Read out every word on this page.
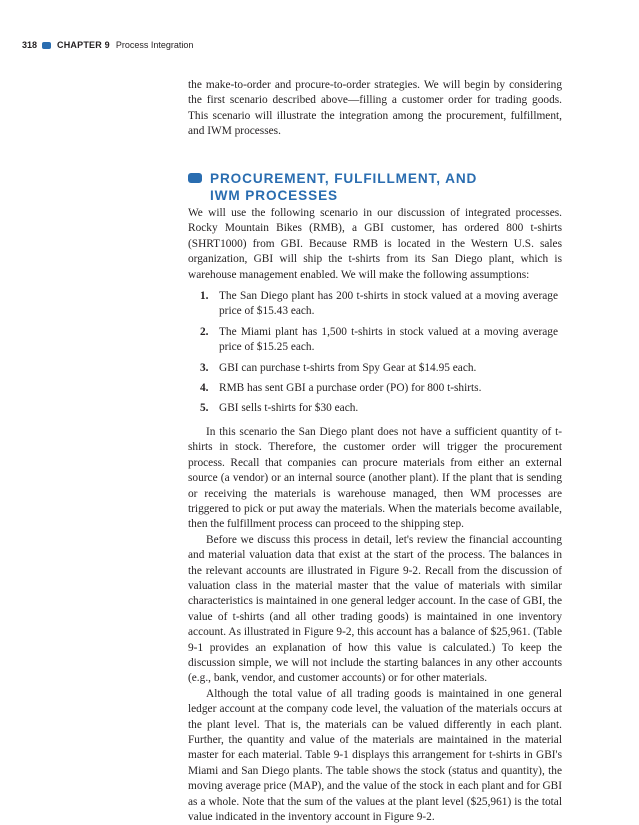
318 CHAPTER 9 Process Integration

the make-to-order and procure-to-order strategies. We will begin by considering the first scenario described above—filling a customer order for trading goods. This scenario will illustrate the integration among the procurement, fulfillment, and IWM processes.

PROCUREMENT, FULFILLMENT, AND
IWM PROCESSES

We will use the following scenario in our discussion of integrated processes. Rocky Mountain Bikes (RMB), a GBI customer, has ordered 800 t-shirts (SHRT1000) from GBI. Because RMB is located in the Western U.S. sales organization, GBI will ship the t-shirts from its San Diego plant, which is warehouse management enabled. We will make the following assumptions:

1. The San Diego plant has 200 t-shirts in stock valued at a moving average price of $15.43 each.
2. The Miami plant has 1,500 t-shirts in stock valued at a moving average price of $15.25 each.
3. GBI can purchase t-shirts from Spy Gear at $14.95 each.
4. RMB has sent GBI a purchase order (PO) for 800 t-shirts.
5. GBI sells t-shirts for $30 each.

In this scenario the San Diego plant does not have a sufficient quantity of t-shirts in stock. Therefore, the customer order will trigger the procurement process. Recall that companies can procure materials from either an external source (a vendor) or an internal source (another plant). If the plant that is sending or receiving the materials is warehouse managed, then WM processes are triggered to pick or put away the materials. When the materials become available, then the fulfillment process can proceed to the shipping step.

Before we discuss this process in detail, let's review the financial accounting and material valuation data that exist at the start of the process. The balances in the relevant accounts are illustrated in Figure 9-2. Recall from the discussion of valuation class in the material master that the value of materials with similar characteristics is maintained in one general ledger account. In the case of GBI, the value of t-shirts (and all other trading goods) is maintained in one inventory account. As illustrated in Figure 9-2, this account has a balance of $25,961. (Table 9-1 provides an explanation of how this value is calculated.) To keep the discussion simple, we will not include the starting balances in any other accounts (e.g., bank, vendor, and customer accounts) or for other materials.

Although the total value of all trading goods is maintained in one general ledger account at the company code level, the valuation of the materials occurs at the plant level. That is, the materials can be valued differently in each plant. Further, the quantity and value of the materials are maintained in the material master for each material. Table 9-1 displays this arrangement for t-shirts in GBI's Miami and San Diego plants. The table shows the stock (status and quantity), the moving average price (MAP), and the value of the stock in each plant and for GBI as a whole. Note that the sum of the values at the plant level ($25,961) is the total value indicated in the inventory account in Figure 9-2.
